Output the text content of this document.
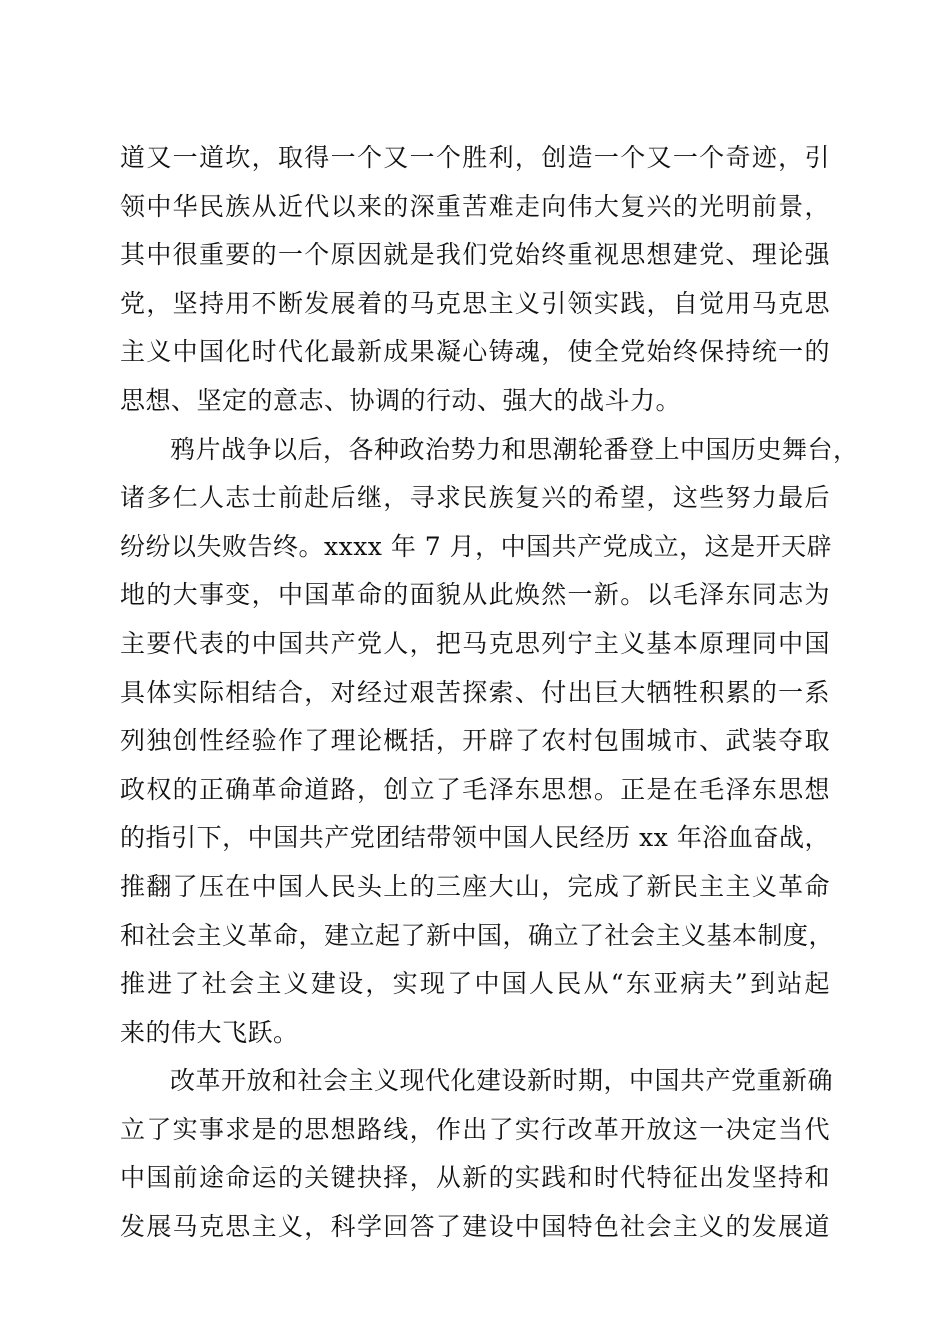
道又一道坎，取得一个又一个胜利，创造一个又一个奇迹，引
领中华民族从近代以来的深重苦难走向伟大复兴的光明前景，
其中很重要的一个原因就是我们党始终重视思想建党、理论强
党，坚持用不断发展着的马克思主义引领实践，自觉用马克思
主义中国化时代化最新成果凝心铸魂，使全党始终保持统一的
思想、坚定的意志、协调的行动、强大的战斗力。
鸦片战争以后，各种政治势力和思潮轮番登上中国历史舞台，
诸多仁人志士前赴后继，寻求民族复兴的希望，这些努力最后
纷纷以失败告终。xxxx 年 7 月，中国共产党成立，这是开天辟
地的大事变，中国革命的面貌从此焕然一新。以毛泽东同志为
主要代表的中国共产党人，把马克思列宁主义基本原理同中国
具体实际相结合，对经过艰苦探索、付出巨大牺牲积累的一系
列独创性经验作了理论概括，开辟了农村包围城市、武装夺取
政权的正确革命道路，创立了毛泽东思想。正是在毛泽东思想
的指引下，中国共产党团结带领中国人民经历 xx 年浴血奋战，
推翻了压在中国人民头上的三座大山，完成了新民主主义革命
和社会主义革命，建立起了新中国，确立了社会主义基本制度，
推进了社会主义建设，实现了中国人民从“东亚病夫”到站起
来的伟大飞跃。
改革开放和社会主义现代化建设新时期，中国共产党重新确
立了实事求是的思想路线，作出了实行改革开放这一决定当代
中国前途命运的关键抉择，从新的实践和时代特征出发坚持和
发展马克思主义，科学回答了建设中国特色社会主义的发展道
